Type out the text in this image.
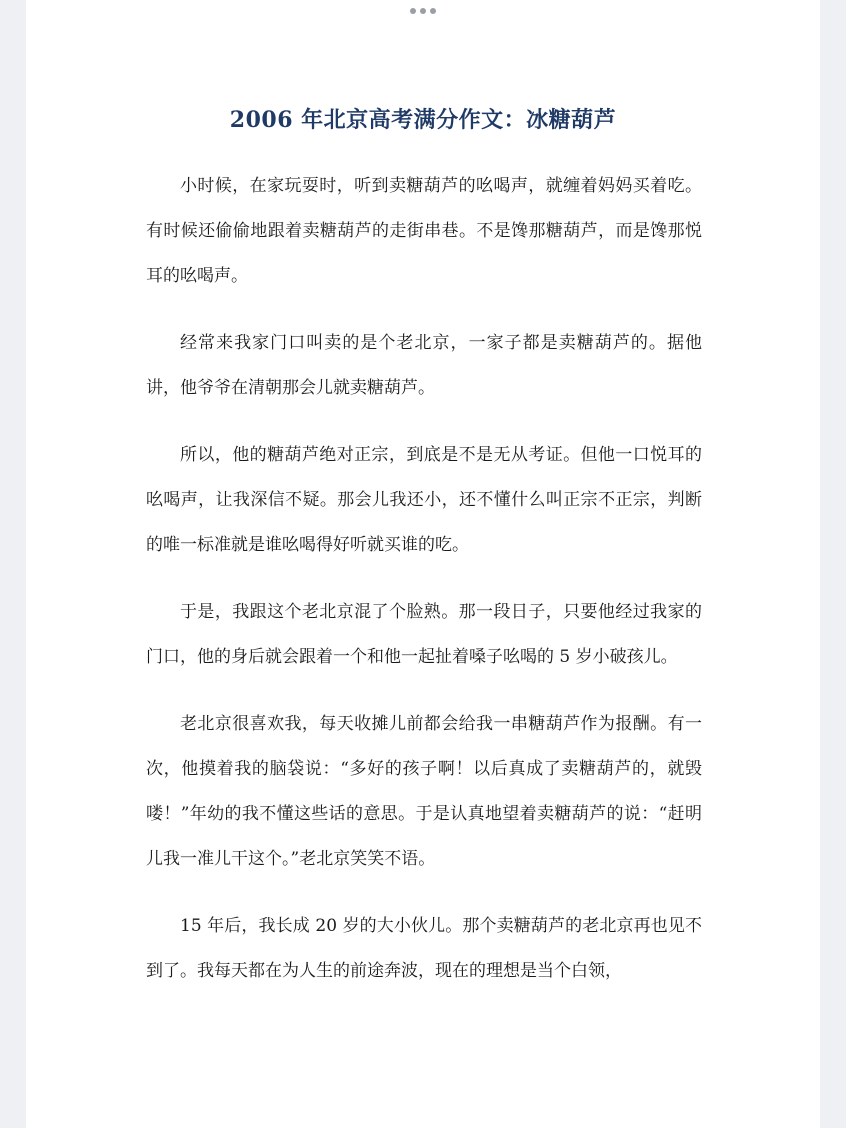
2006 年北京高考满分作文：冰糖葫芦

小时候，在家玩耍时，听到卖糖葫芦的吆喝声，就缠着妈妈买着吃。有时候还偷偷地跟着卖糖葫芦的走街串巷。不是馋那糖葫芦，而是馋那悦耳的吆喝声。

经常来我家门口叫卖的是个老北京，一家子都是卖糖葫芦的。据他讲，他爷爷在清朝那会儿就卖糖葫芦。

所以，他的糖葫芦绝对正宗，到底是不是无从考证。但他一口悦耳的吆喝声，让我深信不疑。那会儿我还小，还不懂什么叫正宗不正宗，判断的唯一标准就是谁吆喝得好听就买谁的吃。

于是，我跟这个老北京混了个脸熟。那一段日子，只要他经过我家的门口，他的身后就会跟着一个和他一起扯着嗓子吆喝的 5 岁小破孩儿。

老北京很喜欢我，每天收摊儿前都会给我一串糖葫芦作为报酬。有一次，他摸着我的脑袋说：“多好的孩子啊！以后真成了卖糖葫芦的，就毁喽！”年幼的我不懂这些话的意思。于是认真地望着卖糖葫芦的说：“赶明儿我一准儿干这个。”老北京笑笑不语。

15 年后，我长成 20 岁的大小伙儿。那个卖糖葫芦的老北京再也见不到了。我每天都在为人生的前途奔波，现在的理想是当个白领，
